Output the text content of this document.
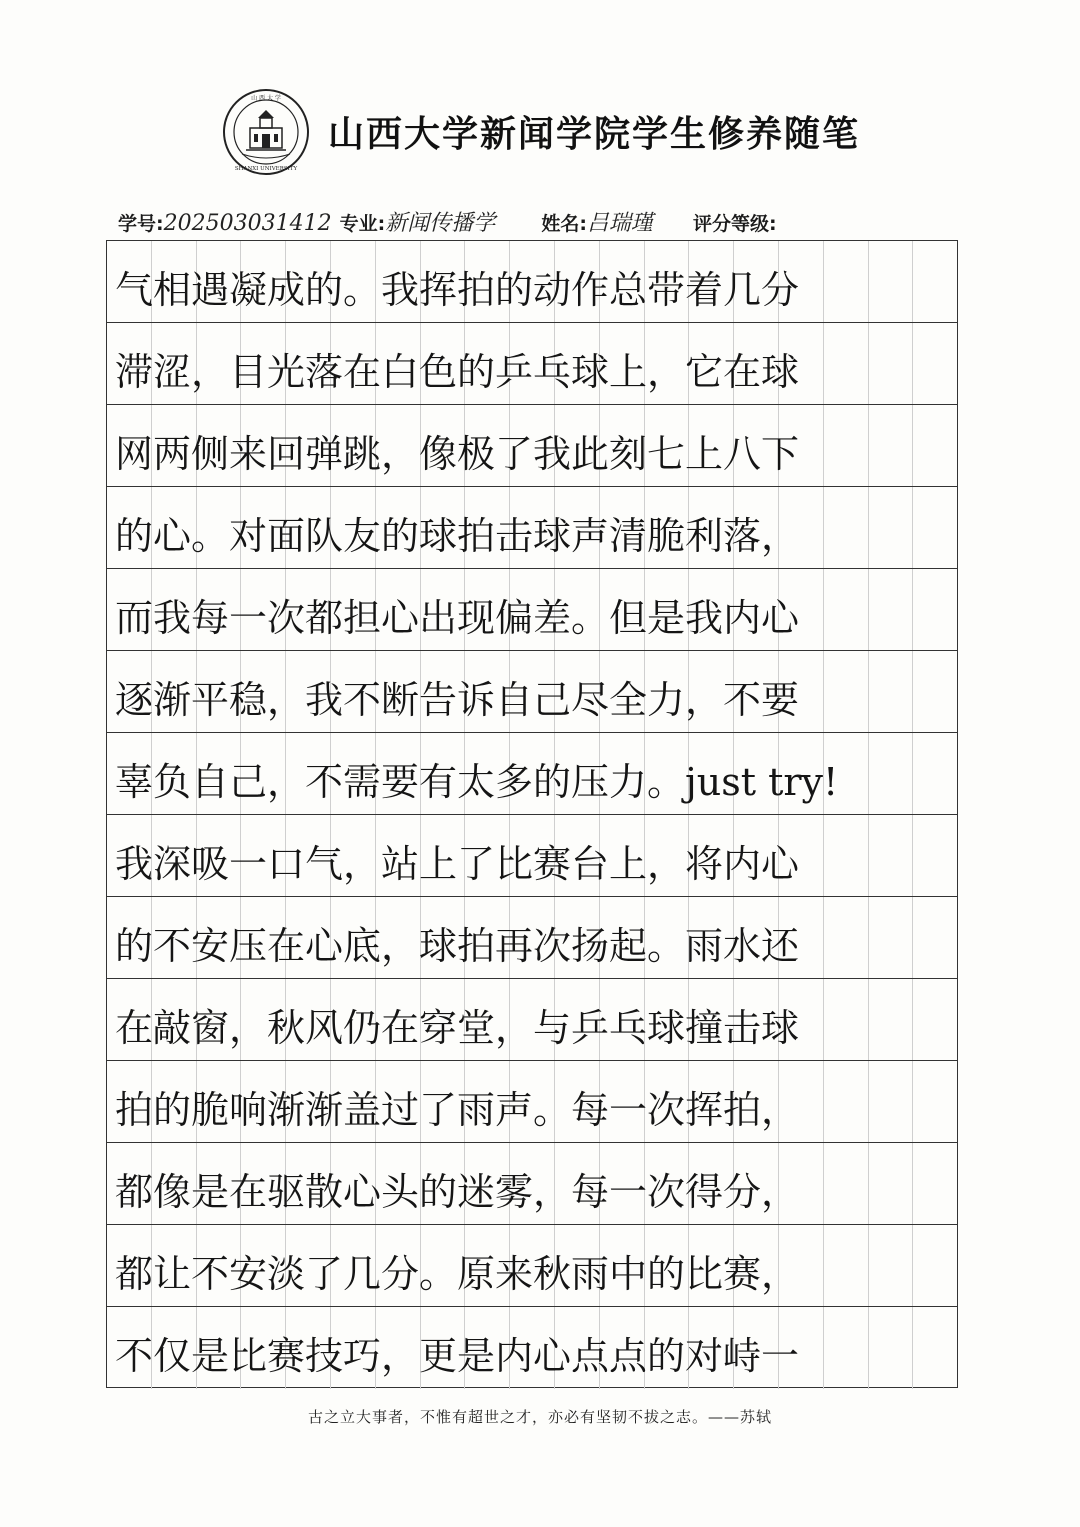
山 西 大 学
SHANXI UNIVERSITY
山西大学新闻学院学生修养随笔
学号:202503031412 专业:新闻传播学 姓名:吕瑞瑾 评分等级:
气相遇凝成的。我挥拍的动作总带着几分
滞涩，目光落在白色的乒乓球上，它在球
网两侧来回弹跳，像极了我此刻七上八下
的心。对面队友的球拍击球声清脆利落，
而我每一次都担心出现偏差。但是我内心
逐渐平稳，我不断告诉自己尽全力，不要
辜负自己，不需要有太多的压力。just try!
我深吸一口气，站上了比赛台上，将内心
的不安压在心底，球拍再次扬起。雨水还
在敲窗，秋风仍在穿堂，与乒乓球撞击球
拍的脆响渐渐盖过了雨声。每一次挥拍，
都像是在驱散心头的迷雾，每一次得分，
都让不安淡了几分。原来秋雨中的比赛，
不仅是比赛技巧，更是内心点点的对峙一
古之立大事者，不惟有超世之才，亦必有坚韧不拔之志。——苏轼
